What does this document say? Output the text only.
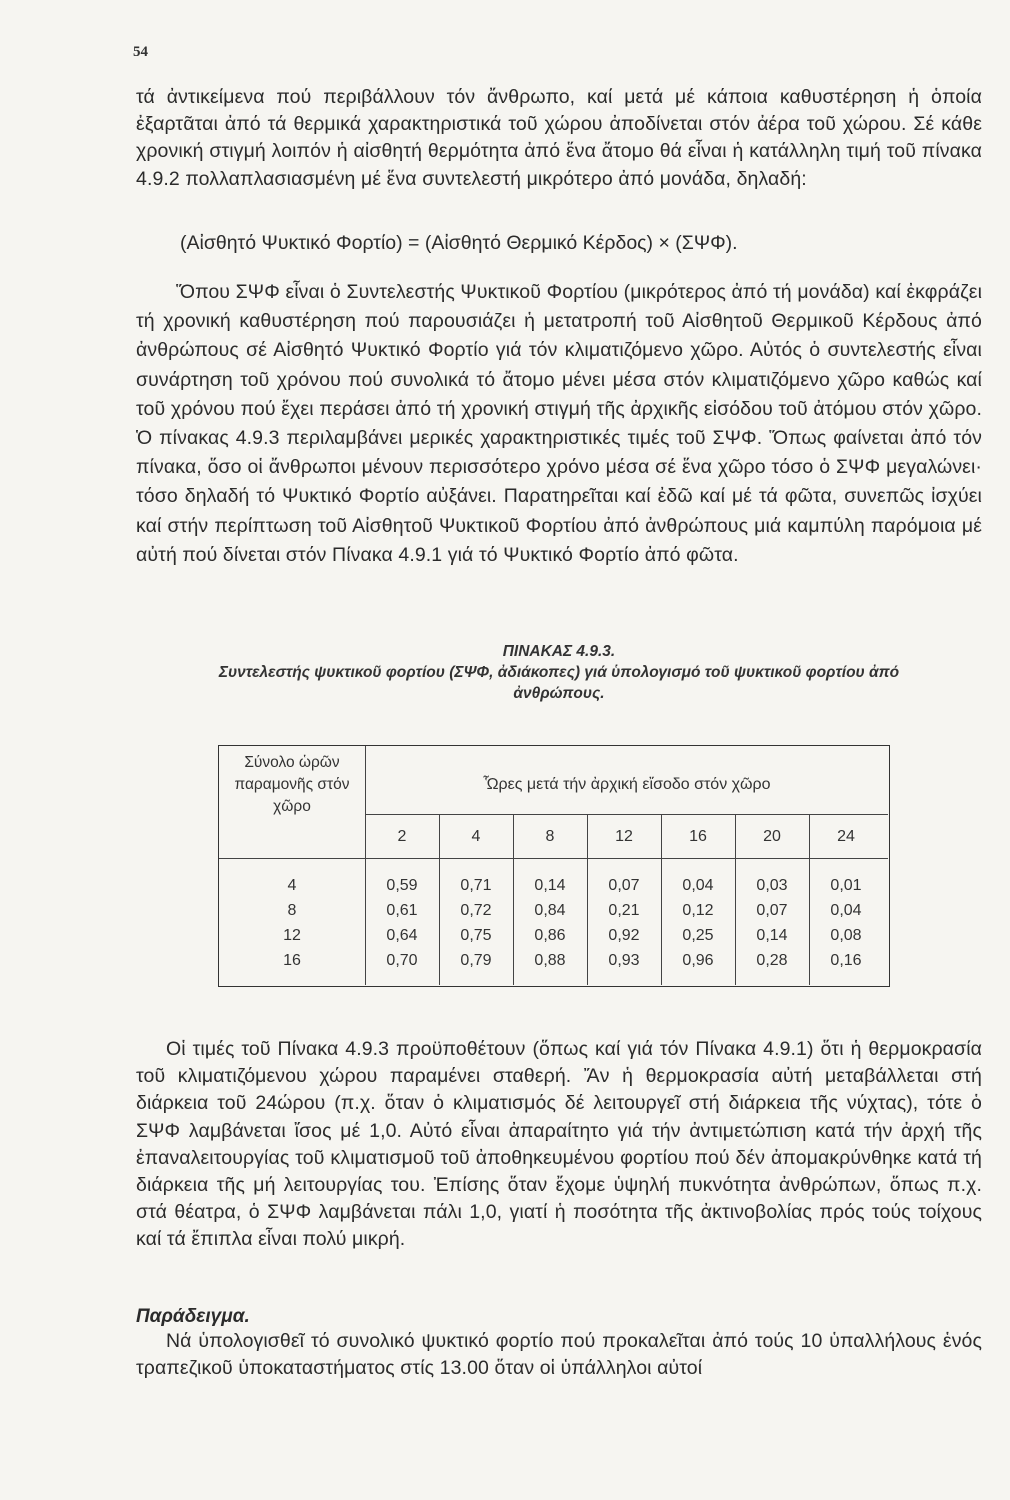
54
τά ἀντικείμενα πού περιβάλλουν τόν ἄνθρωπο, καί μετά μέ κάποια καθυστέρηση ἡ ὁποία ἐξαρτᾶται ἀπό τά θερμικά χαρακτηριστικά τοῦ χώρου ἀποδίνεται στόν ἀέρα τοῦ χώρου. Σέ κάθε χρονική στιγμή λοιπόν ἡ αἰσθητή θερμότητα ἀπό ἕνα ἄτομο θά εἶναι ἡ κατάλληλη τιμή τοῦ πίνακα 4.9.2 πολλαπλασιασμένη μέ ἕνα συντελεστή μικρότερο ἀπό μονάδα, δηλαδή:
(Αἰσθητό Ψυκτικό Φορτίο) = (Αἰσθητό Θερμικό Κέρδος) × (ΣΨΦ).
Ὅπου ΣΨΦ εἶναι ὁ Συντελεστής Ψυκτικοῦ Φορτίου (μικρότερος ἀπό τή μονάδα) καί ἐκφράζει τή χρονική καθυστέρηση πού παρουσιάζει ἡ μετατροπή τοῦ Αἰσθητοῦ Θερμικοῦ Κέρδους ἀπό ἀνθρώπους σέ Αἰσθητό Ψυκτικό Φορτίο γιά τόν κλιματιζόμενο χῶρο. Αὐτός ὁ συντελεστής εἶναι συνάρτηση τοῦ χρόνου πού συνολικά τό ἄτομο μένει μέσα στόν κλιματιζόμενο χῶρο καθώς καί τοῦ χρόνου πού ἔχει περάσει ἀπό τή χρονική στιγμή τῆς ἀρχικῆς εἰσόδου τοῦ ἀτόμου στόν χῶρο. Ὁ πίνακας 4.9.3 περιλαμβάνει μερικές χαρακτηριστικές τιμές τοῦ ΣΨΦ. Ὅπως φαίνεται ἀπό τόν πίνακα, ὅσο οἱ ἄνθρωποι μένουν περισσότερο χρόνο μέσα σέ ἕνα χῶρο τόσο ὁ ΣΨΦ μεγαλώνει· τόσο δηλαδή τό Ψυκτικό Φορτίο αὐξάνει. Παρατηρεῖται καί ἐδῶ καί μέ τά φῶτα, συνεπῶς ἰσχύει καί στήν περίπτωση τοῦ Αἰσθητοῦ Ψυκτικοῦ Φορτίου ἀπό ἀνθρώπους μιά καμπύλη παρόμοια μέ αὐτή πού δίνεται στόν Πίνακα 4.9.1 γιά τό Ψυκτικό Φορτίο ἀπό φῶτα.
ΠΙΝΑΚΑΣ 4.9.3.
Συντελεστής ψυκτικοῦ φορτίου (ΣΨΦ, ἀδιάκοπες) γιά ὑπολογισμό τοῦ ψυκτικοῦ φορτίου ἀπό ἀνθρώπους.
Σύνολο ὡρῶν παραμονῆς στόν χῶρο
Ὧρες μετά τήν ἀρχική εἴσοδο στόν χῶρο
2	4	8	12	16	20	24
4	0,59	0,71	0,14	0,07	0,04	0,03	0,01
8	0,61	0,72	0,84	0,21	0,12	0,07	0,04
12	0,64	0,75	0,86	0,92	0,25	0,14	0,08
16	0,70	0,79	0,88	0,93	0,96	0,28	0,16
Οἱ τιμές τοῦ Πίνακα 4.9.3 προϋποθέτουν (ὅπως καί γιά τόν Πίνακα 4.9.1) ὅτι ἡ θερμοκρασία τοῦ κλιματιζόμενου χώρου παραμένει σταθερή. Ἄν ἡ θερμοκρασία αὐτή μεταβάλλεται στή διάρκεια τοῦ 24ώρου (π.χ. ὅταν ὁ κλιματισμός δέ λειτουργεῖ στή διάρκεια τῆς νύχτας), τότε ὁ ΣΨΦ λαμβάνεται ἴσος μέ 1,0. Αὐτό εἶναι ἀπαραίτητο γιά τήν ἀντιμετώπιση κατά τήν ἀρχή τῆς ἐπαναλειτουργίας τοῦ κλιματισμοῦ τοῦ ἀποθηκευμένου φορτίου πού δέν ἀπομακρύνθηκε κατά τή διάρκεια τῆς μή λειτουργίας του. Ἐπίσης ὅταν ἔχομε ὑψηλή πυκνότητα ἀνθρώπων, ὅπως π.χ. στά θέατρα, ὁ ΣΨΦ λαμβάνεται πάλι 1,0, γιατί ἡ ποσότητα τῆς ἀκτινοβολίας πρός τούς τοίχους καί τά ἔπιπλα εἶναι πολύ μικρή.
Παράδειγμα.
Νά ὑπολογισθεῖ τό συνολικό ψυκτικό φορτίο πού προκαλεῖται ἀπό τούς 10 ὑπαλλήλους ἑνός τραπεζικοῦ ὑποκαταστήματος στίς 13.00 ὅταν οἱ ὑπάλληλοι αὐτοί
